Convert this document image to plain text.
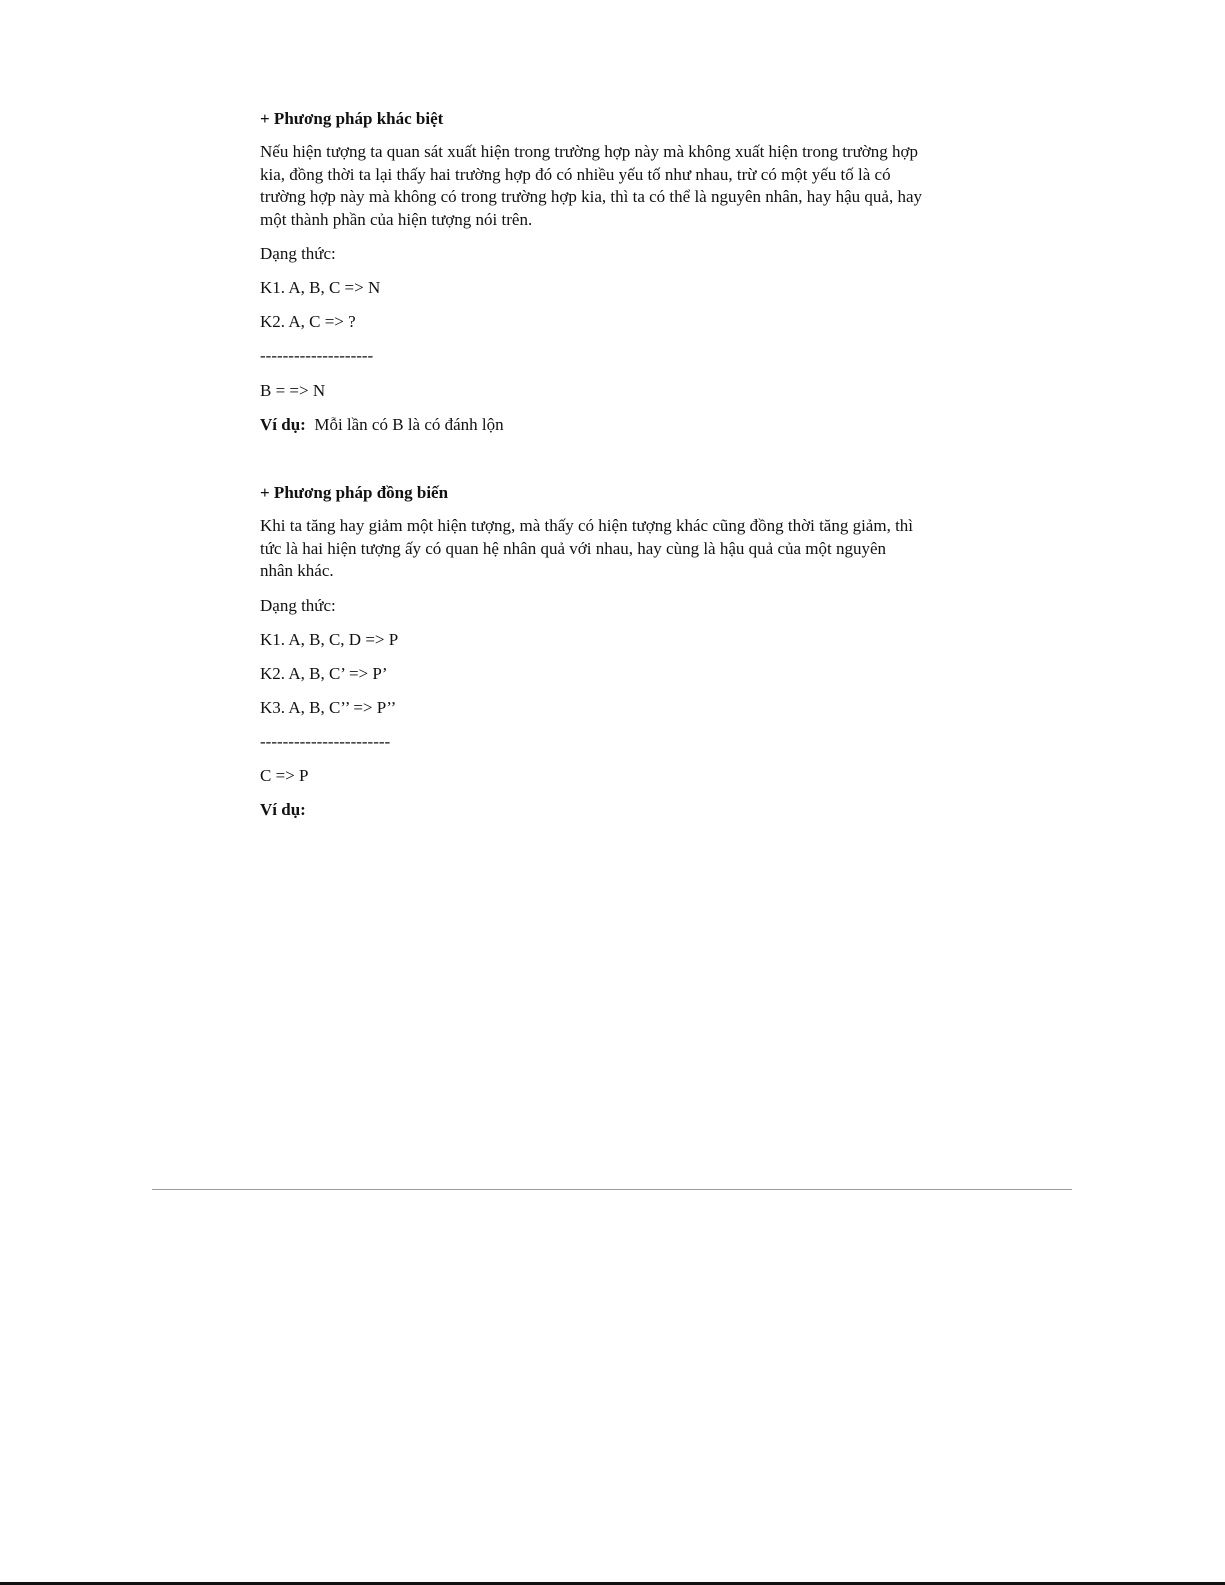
+ Phương pháp khác biệt
Nếu hiện tượng ta quan sát xuất hiện trong trường hợp này mà không xuất hiện trong trường hợp
kia, đồng thời ta lại thấy hai trường hợp đó có nhiều yếu tố như nhau, trừ có một yếu tố là có
trường hợp này mà không có trong trường hợp kia, thì ta có thể là nguyên nhân, hay hậu quả, hay
một thành phần của hiện tượng nói trên.
Dạng thức:
K1. A, B, C => N
K2. A, C => ?
--------------------
B = => N
Ví dụ: Mỗi lần có B là có đánh lộn
+ Phương pháp đồng biến
Khi ta tăng hay giảm một hiện tượng, mà thấy có hiện tượng khác cũng đồng thời tăng giảm, thì
tức là hai hiện tượng ấy có quan hệ nhân quả với nhau, hay cùng là hậu quả của một nguyên
nhân khác.
Dạng thức:
K1. A, B, C, D => P
K2. A, B, C’ => P’
K3. A, B, C’’ => P’’
-----------------------
C => P
Ví dụ:
